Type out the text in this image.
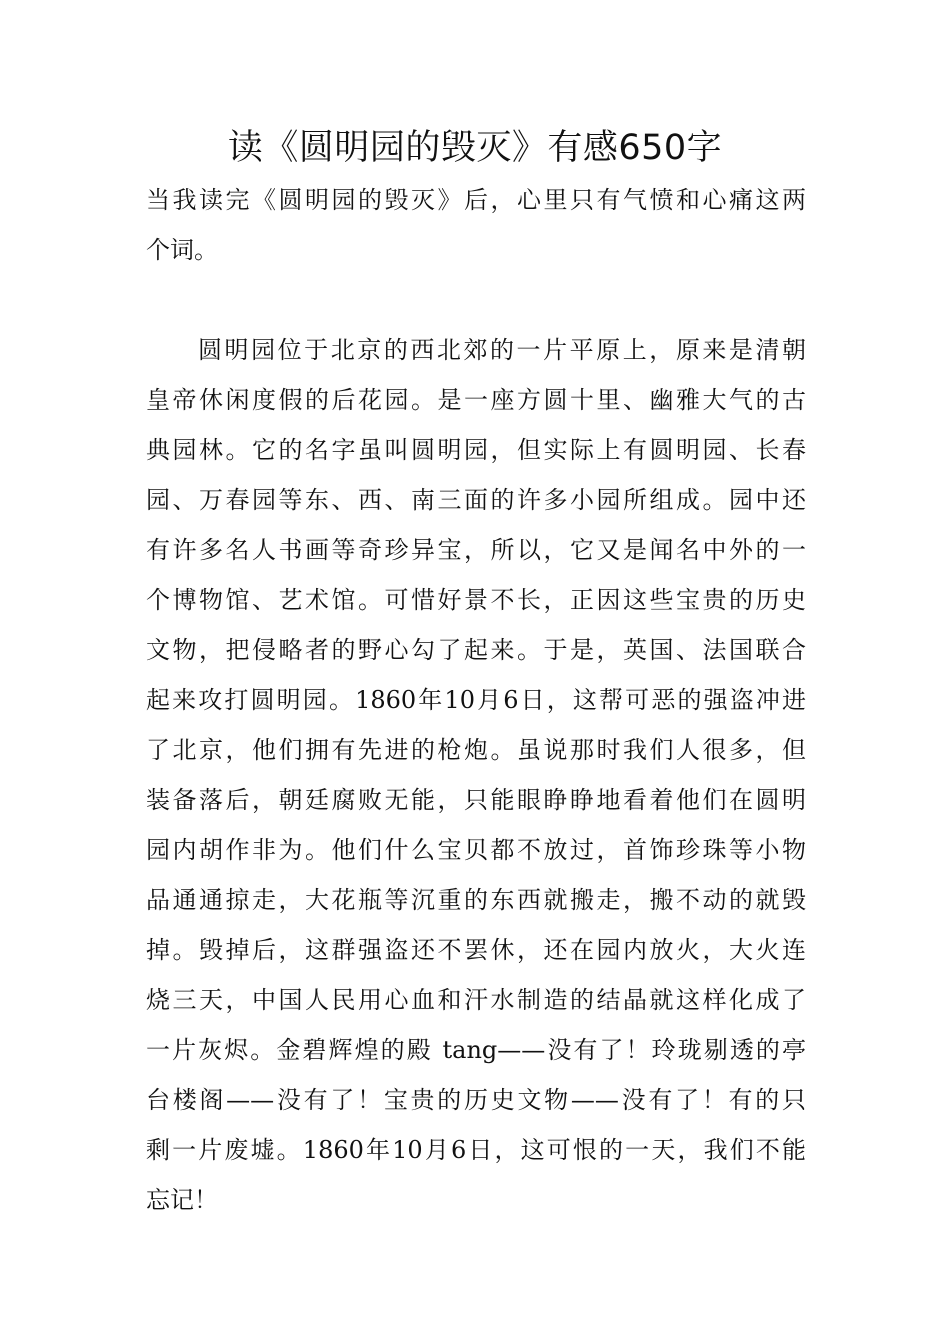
读《圆明园的毁灭》有感650字
当我读完《圆明园的毁灭》后，心里只有气愤和心痛这两
个词。
圆明园位于北京的西北郊的一片平原上，原来是清朝
皇帝休闲度假的后花园。是一座方圆十里、幽雅大气的古
典园林。它的名字虽叫圆明园，但实际上有圆明园、长春
园、万春园等东、西、南三面的许多小园所组成。园中还
有许多名人书画等奇珍异宝，所以，它又是闻名中外的一
个博物馆、艺术馆。可惜好景不长，正因这些宝贵的历史
文物，把侵略者的野心勾了起来。于是，英国、法国联合
起来攻打圆明园。1860年10月6日，这帮可恶的强盗冲进
了北京，他们拥有先进的枪炮。虽说那时我们人很多，但
装备落后，朝廷腐败无能，只能眼睁睁地看着他们在圆明
园内胡作非为。他们什么宝贝都不放过，首饰珍珠等小物
品通通掠走，大花瓶等沉重的东西就搬走，搬不动的就毁
掉。毁掉后，这群强盗还不罢休，还在园内放火，大火连
烧三天，中国人民用心血和汗水制造的结晶就这样化成了
一片灰烬。金碧辉煌的殿 tang——没有了！玲珑剔透的亭
台楼阁——没有了！宝贵的历史文物——没有了！有的只
剩一片废墟。1860年10月6日，这可恨的一天，我们不能
忘记！
